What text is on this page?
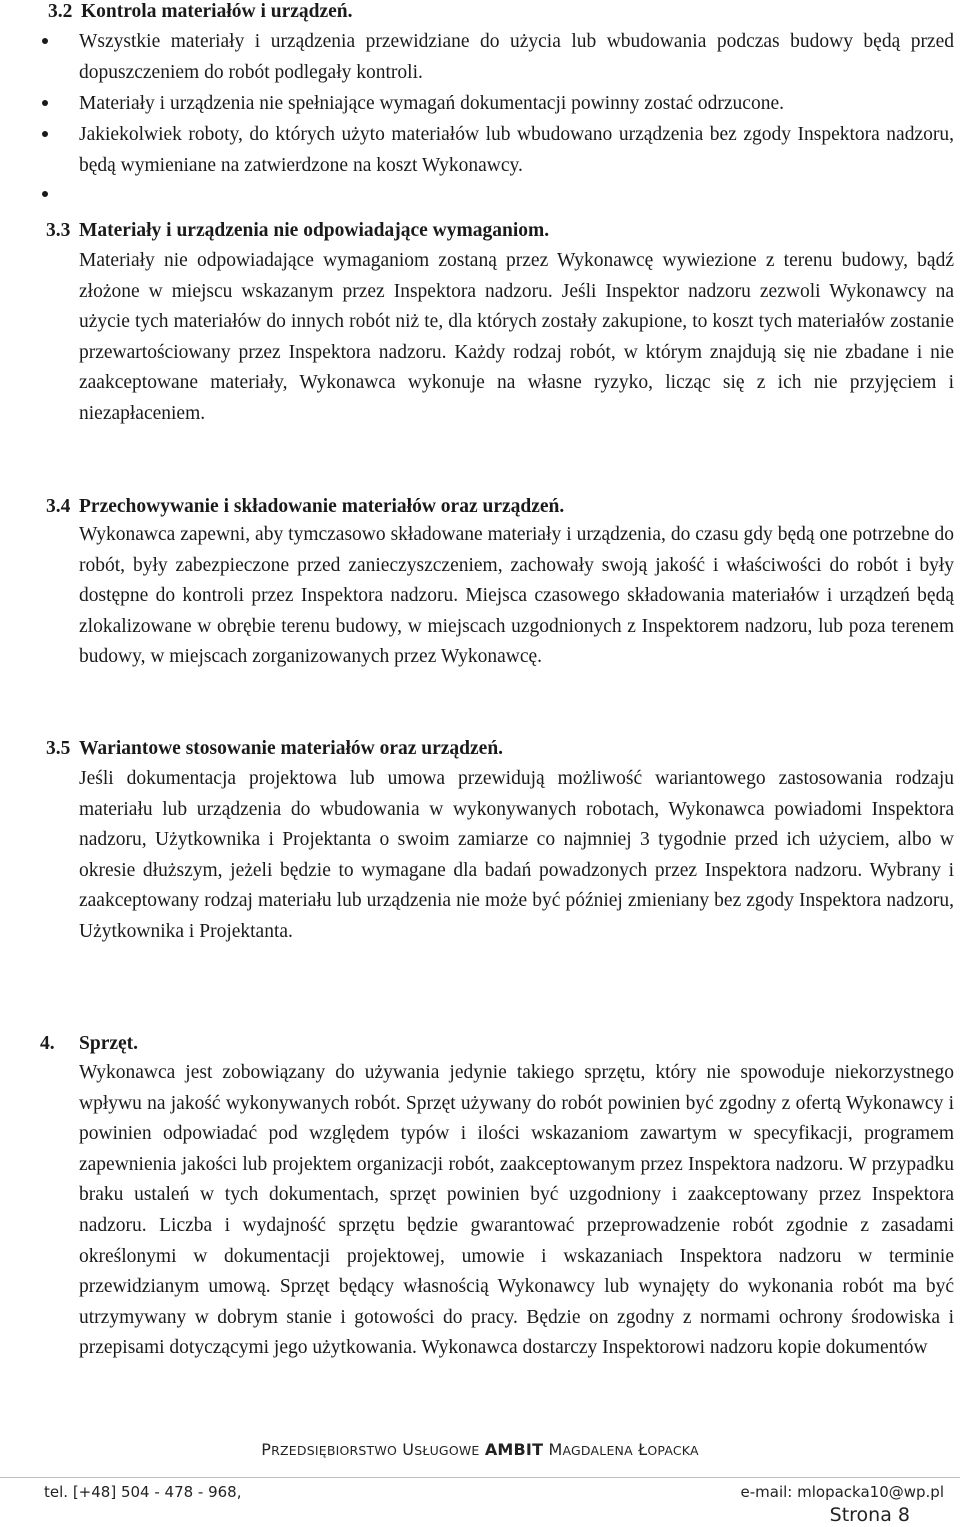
3.2 Kontrola materiałów i urządzeń.
Wszystkie materiały i urządzenia przewidziane do użycia lub wbudowania podczas budowy będą przed dopuszczeniem do robót podlegały kontroli.
Materiały i urządzenia nie spełniające wymagań dokumentacji powinny zostać odrzucone.
Jakiekolwiek roboty, do których użyto materiałów lub wbudowano urządzenia bez zgody Inspektora nadzoru, będą wymieniane na zatwierdzone na koszt Wykonawcy.
3.3 Materiały i urządzenia nie odpowiadające wymaganiom.

Materiały nie odpowiadające wymaganiom zostaną przez Wykonawcę wywiezione z terenu budowy, bądź złożone w miejscu wskazanym przez Inspektora nadzoru. Jeśli Inspektor nadzoru zezwoli Wykonawcy na użycie tych materiałów do innych robót niż te, dla których zostały zakupione, to koszt tych materiałów zostanie przewartościowany przez Inspektora nadzoru. Każdy rodzaj robót, w którym znajdują się nie zbadane i nie zaakceptowane materiały, Wykonawca wykonuje na własne ryzyko, licząc się z ich nie przyjęciem i niezapłaceniem.

3.4 Przechowywanie i składowanie materiałów oraz urządzeń.

Wykonawca zapewni, aby tymczasowo składowane materiały i urządzenia, do czasu gdy będą one potrzebne do robót, były zabezpieczone przed zanieczyszczeniem, zachowały swoją jakość i właściwości do robót i były dostępne do kontroli przez Inspektora nadzoru. Miejsca czasowego składowania materiałów i urządzeń będą zlokalizowane w obrębie terenu budowy, w miejscach uzgodnionych z Inspektorem nadzoru, lub poza terenem budowy, w miejscach zorganizowanych przez Wykonawcę.

3.5 Wariantowe stosowanie materiałów oraz urządzeń.

Jeśli dokumentacja projektowa lub umowa przewidują możliwość wariantowego zastosowania rodzaju materiału lub urządzenia do wbudowania w wykonywanych robotach, Wykonawca powiadomi Inspektora nadzoru, Użytkownika i Projektanta o swoim zamiarze co najmniej 3 tygodnie przed ich użyciem, albo w okresie dłuższym, jeżeli będzie to wymagane dla badań powadzonych przez Inspektora nadzoru. Wybrany i zaakceptowany rodzaj materiału lub urządzenia nie może być później zmieniany bez zgody Inspektora nadzoru, Użytkownika i Projektanta.

4. Sprzęt.

Wykonawca jest zobowiązany do używania jedynie takiego sprzętu, który nie spowoduje niekorzystnego wpływu na jakość wykonywanych robót. Sprzęt używany do robót powinien być zgodny z ofertą Wykonawcy i powinien odpowiadać pod względem typów i ilości wskazaniom zawartym w specyfikacji, programem zapewnienia jakości lub projektem organizacji robót, zaakceptowanym przez Inspektora nadzoru. W przypadku braku ustaleń w tych dokumentach, sprzęt powinien być uzgodniony i zaakceptowany przez Inspektora nadzoru. Liczba i wydajność sprzętu będzie gwarantować przeprowadzenie robót zgodnie z zasadami określonymi w dokumentacji projektowej, umowie i wskazaniach Inspektora nadzoru w terminie przewidzianym umową. Sprzęt będący własnością Wykonawcy lub wynajęty do wykonania robót ma być utrzymywany w dobrym stanie i gotowości do pracy. Będzie on zgodny z normami ochrony środowiska i przepisami dotyczącymi jego użytkowania. Wykonawca dostarczy Inspektorowi nadzoru kopie dokumentów

PRZEDSIĘBIORSTWO USŁUGOWE AMBIT MAGDALENA ŁOPACKA
tel. [+48] 504 - 478 - 968,	e-mail: mlopacka10@wp.pl
Strona 8
